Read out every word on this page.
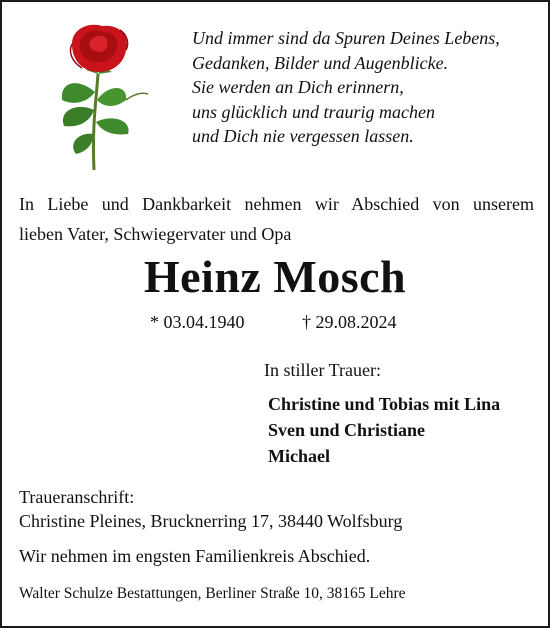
Und immer sind da Spuren Deines Lebens,
Gedanken, Bilder und Augenblicke.
Sie werden an Dich erinnern,
uns glücklich und traurig machen
und Dich nie vergessen lassen.
In Liebe und Dankbarkeit nehmen wir Abschied von unserem
lieben Vater, Schwiegervater und Opa
Heinz Mosch
* 03.04.1940	† 29.08.2024
In stiller Trauer:
Christine und Tobias mit Lina
Sven und Christiane
Michael
Traueranschrift:
Christine Pleines, Brucknerring 17, 38440 Wolfsburg
Wir nehmen im engsten Familienkreis Abschied.
Walter Schulze Bestattungen, Berliner Straße 10, 38165 Lehre
